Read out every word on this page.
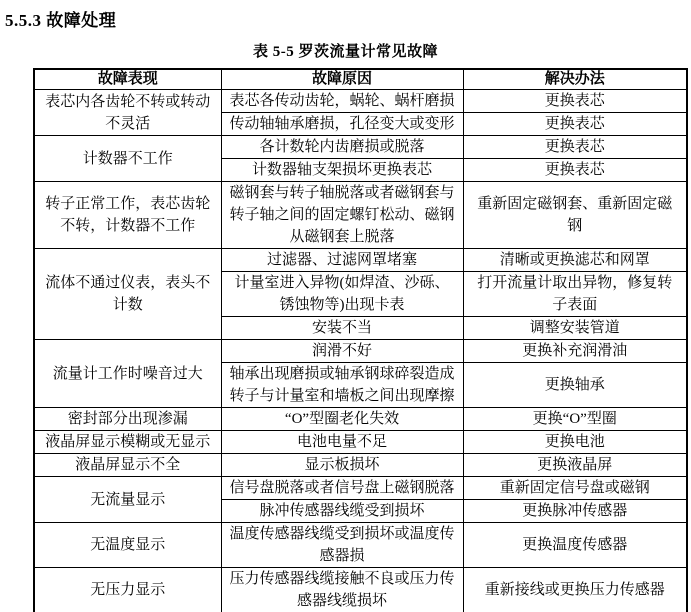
5.5.3 故障处理
表 5-5 罗茨流量计常见故障
故障表现	故障原因	解决办法
表芯内各齿轮不转或转动不灵活	表芯各传动齿轮，蜗轮、蜗杆磨损	更换表芯
	传动轴轴承磨损，孔径变大或变形	更换表芯
计数器不工作	各计数轮内齿磨损或脱落	更换表芯
	计数器轴支架损坏更换表芯	更换表芯
转子正常工作，表芯齿轮不转，计数器不工作	磁钢套与转子轴脱落或者磁钢套与转子轴之间的固定螺钉松动、磁钢从磁钢套上脱落	重新固定磁钢套、重新固定磁钢
流体不通过仪表，表头不计数	过滤器、过滤网罩堵塞	清晰或更换滤芯和网罩
	计量室进入异物(如焊渣、沙砾、锈蚀物等)出现卡表	打开流量计取出异物，修复转子表面
	安装不当	调整安装管道
流量计工作时噪音过大	润滑不好	更换补充润滑油
	轴承出现磨损或轴承钢球碎裂造成转子与计量室和墙板之间出现摩擦	更换轴承
密封部分出现渗漏	“O”型圈老化失效	更换“O”型圈
液晶屏显示模糊或无显示	电池电量不足	更换电池
液晶屏显示不全	显示板损坏	更换液晶屏
无流量显示	信号盘脱落或者信号盘上磁钢脱落	重新固定信号盘或磁钢
	脉冲传感器线缆受到损坏	更换脉冲传感器
无温度显示	温度传感器线缆受到损坏或温度传感器损	更换温度传感器
无压力显示	压力传感器线缆接触不良或压力传感器线缆损坏	重新接线或更换压力传感器
